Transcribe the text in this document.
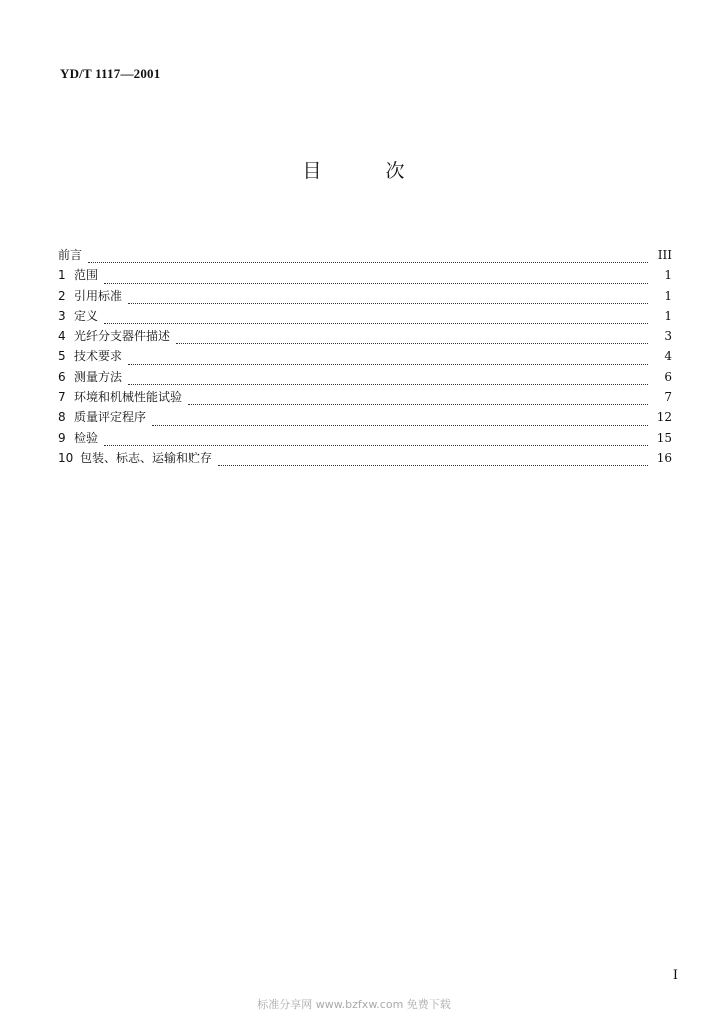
YD/T 1117—2001
目 次
前言	III
1 范围	1
2 引用标准	1
3 定义	1
4 光纤分支器件描述	3
5 技术要求	4
6 测量方法	6
7 环境和机械性能试验	7
8 质量评定程序	12
9 检验	15
10 包装、标志、运输和贮存	16
I
标准分享网 www.bzfxw.com 免费下载
